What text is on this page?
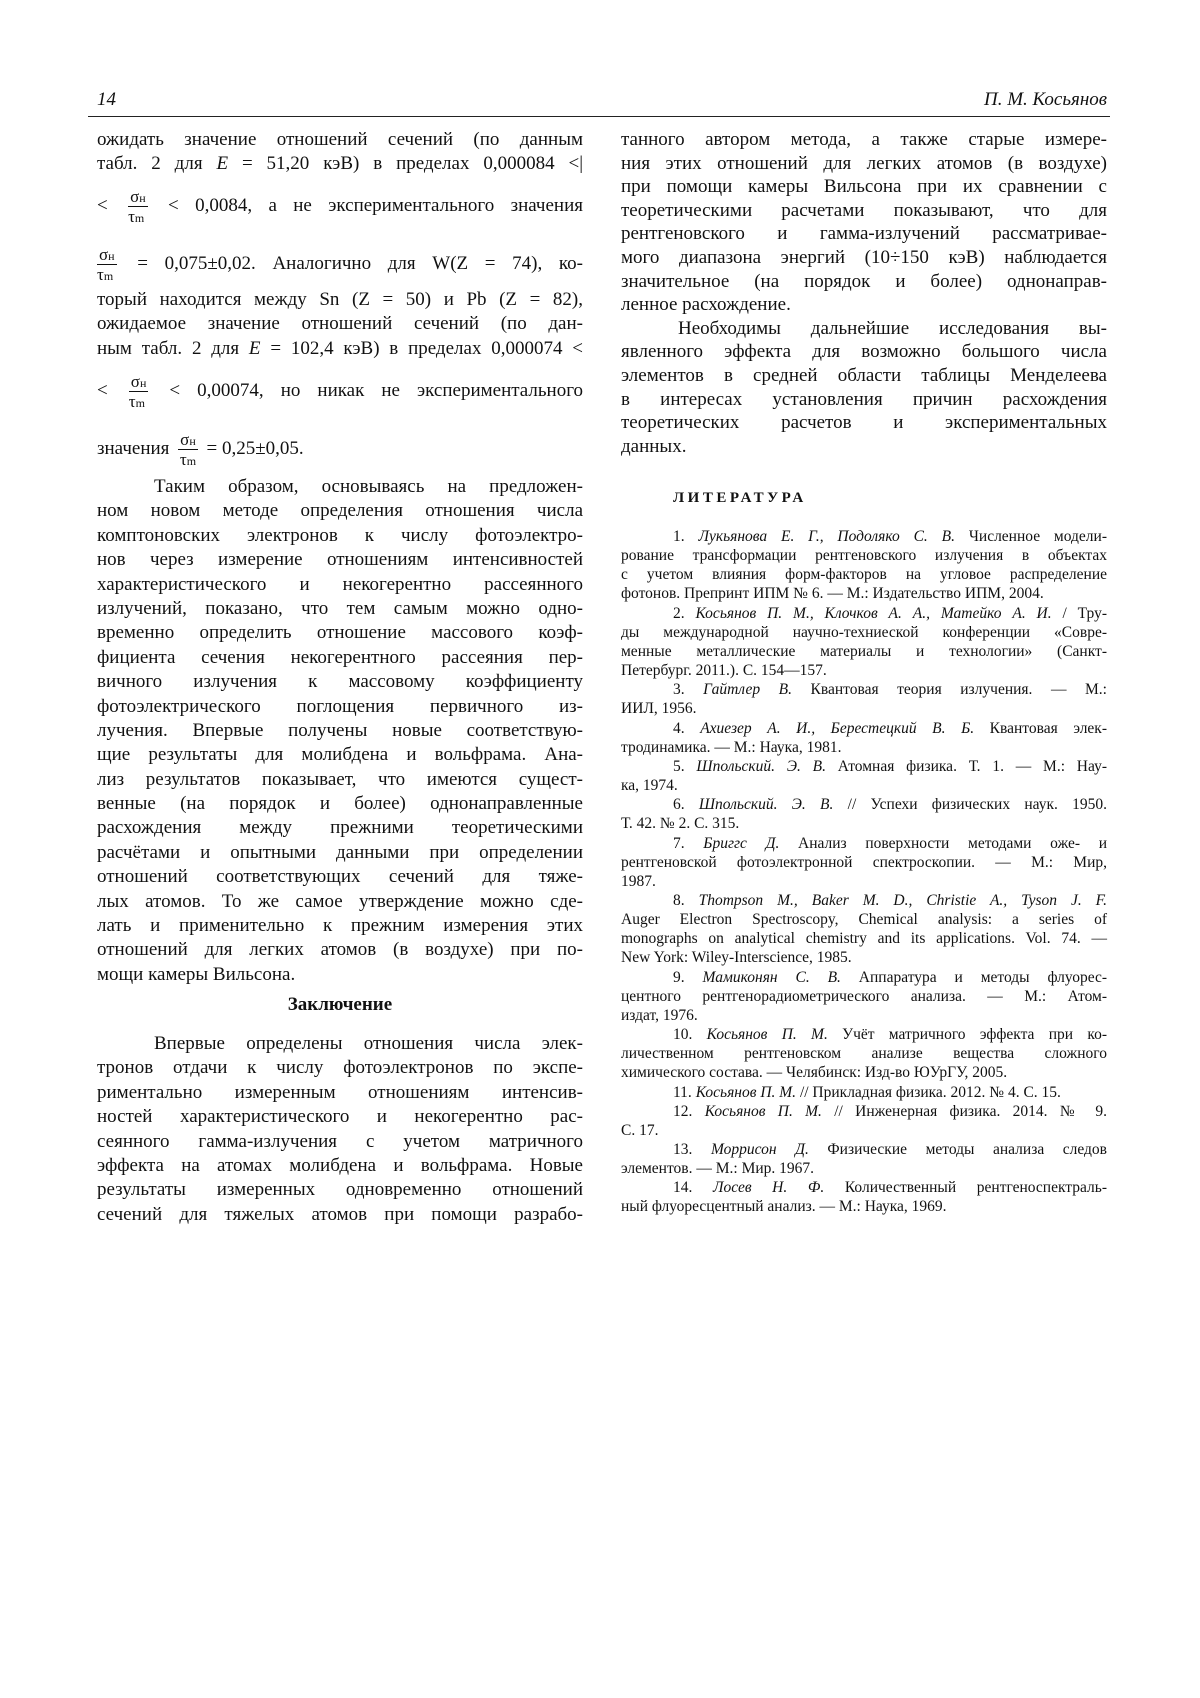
14	П. М. Косьянов
ожидать значение отношений сечений (по данным
табл. 2 для E = 51,20 кэВ) в пределах 0,000084 <|
< $\frac{\sigma н}{\tau m} < 0,0084$, а не экспериментального значения
$\frac{\sigma н}{\tau m} = 0,075\pm 0,02$. Аналогично для W(Z = 74), ко-
торый находится между Sn (Z = 50) и Pb (Z = 82),
ожидаемое значение отношений сечений (по дан-
ным табл. 2 для E = 102,4 кэВ) в пределах 0,000074 <
< $\frac{\sigma н}{\tau m} < 0,00074$, но никак не экспериментального
значения $\frac{\sigma н}{\tau m} = 0,25\pm 0,05$.
Таким образом, основываясь на предложен-
ном новом методе определения отношения числа
комптоновских электронов к числу фотоэлектро-
нов через измерение отношениям интенсивностей
характеристического и некогерентно рассеянного
излучений, показано, что тем самым можно одно-
временно определить отношение массового коэф-
фициента сечения некогерентного рассеяния пер-
вичного излучения к массовому коэффициенту
фотоэлектрического поглощения первичного из-
лучения. Впервые получены новые соответствую-
щие результаты для молибдена и вольфрама. Ана-
лиз результатов показывает, что имеются сущест-
венные (на порядок и более) однонаправленные
расхождения между прежними теоретическими
расчётами и опытными данными при определении
отношений соответствующих сечений для тяже-
лых атомов. То же самое утверждение можно сде-
лать и применительно к прежним измерения этих
отношений для легких атомов (в воздухе) при по-
мощи камеры Вильсона.
Заключение
Впервые определены отношения числа элек-
тронов отдачи к числу фотоэлектронов по экспе-
риментально измеренным отношениям интенсив-
ностей характеристического и некогерентно рас-
сеянного гамма-излучения с учетом матричного
эффекта на атомах молибдена и вольфрама. Новые
результаты измеренных одновременно отношений
сечений для тяжелых атомов при помощи разрабо-
танного автором метода, а также старые измере-
ния этих отношений для легких атомов (в воздухе)
при помощи камеры Вильсона при их сравнении с
теоретическими расчетами показывают, что для
рентгеновского и гамма-излучений рассматривае-
мого диапазона энергий (10÷150 кэВ) наблюдается
значительное (на порядок и более) однонаправ-
ленное расхождение.
Необходимы дальнейшие исследования вы-
явленного эффекта для возможно большого числа
элементов в средней области таблицы Менделеева
в интересах установления причин расхождения
теоретических расчетов и экспериментальных
данных.
ЛИТЕРАТУРА
1. Лукьянова Е. Г., Подоляко С. В. Численное модели-
рование трансформации рентгеновского излучения в объектах
с учетом влияния форм-факторов на угловое распределение
фотонов. Препринт ИПМ № 6. — М.: Издательство ИПМ, 2004.
2. Косьянов П. М., Клочков А. А., Матейко А. И. / Тру-
ды международной научно-техниеской конференции «Совре-
менные металлические материалы и технологии» (Санкт-
Петербург. 2011.). С. 154—157.
3. Гайтлер В. Квантовая теория излучения. — М.:
ИИЛ, 1956.
4. Ахиезер А. И., Берестецкий В. Б. Квантовая элек-
тродинамика. — М.: Наука, 1981.
5. Шпольский. Э. В. Атомная физика. Т. 1. — М.: Нау-
ка, 1974.
6. Шпольский. Э. В. // Успехи физических наук. 1950.
Т. 42. № 2. С. 315.
7. Бриггс Д. Анализ поверхности методами оже- и
рентгеновской фотоэлектронной спектроскопии. — М.: Мир,
1987.
8. Thompson M., Baker M. D., Christie A., Tyson J. F.
Auger Electron Spectroscopy, Chemical analysis: a series of
monographs on analytical chemistry and its applications. Vol. 74. —
New York: Wiley-Interscience, 1985.
9. Мамиконян С. В. Аппаратура и методы флуорес-
центного рентгенорадиометрического анализа. — М.: Атом-
издат, 1976.
10. Косьянов П. М. Учёт матричного эффекта при ко-
личественном рентгеновском анализе вещества сложного
химического состава. — Челябинск: Изд-во ЮУрГУ, 2005.
11. Косьянов П. М. // Прикладная физика. 2012. № 4. С. 15.
12. Косьянов П. М. // Инженерная физика. 2014. № 9.
С. 17.
13. Моррисон Д. Физические методы анализа следов
элементов. — М.: Мир. 1967.
14. Лосев Н. Ф. Количественный рентгеноспектраль-
ный флуоресцентный анализ. — М.: Наука, 1969.
